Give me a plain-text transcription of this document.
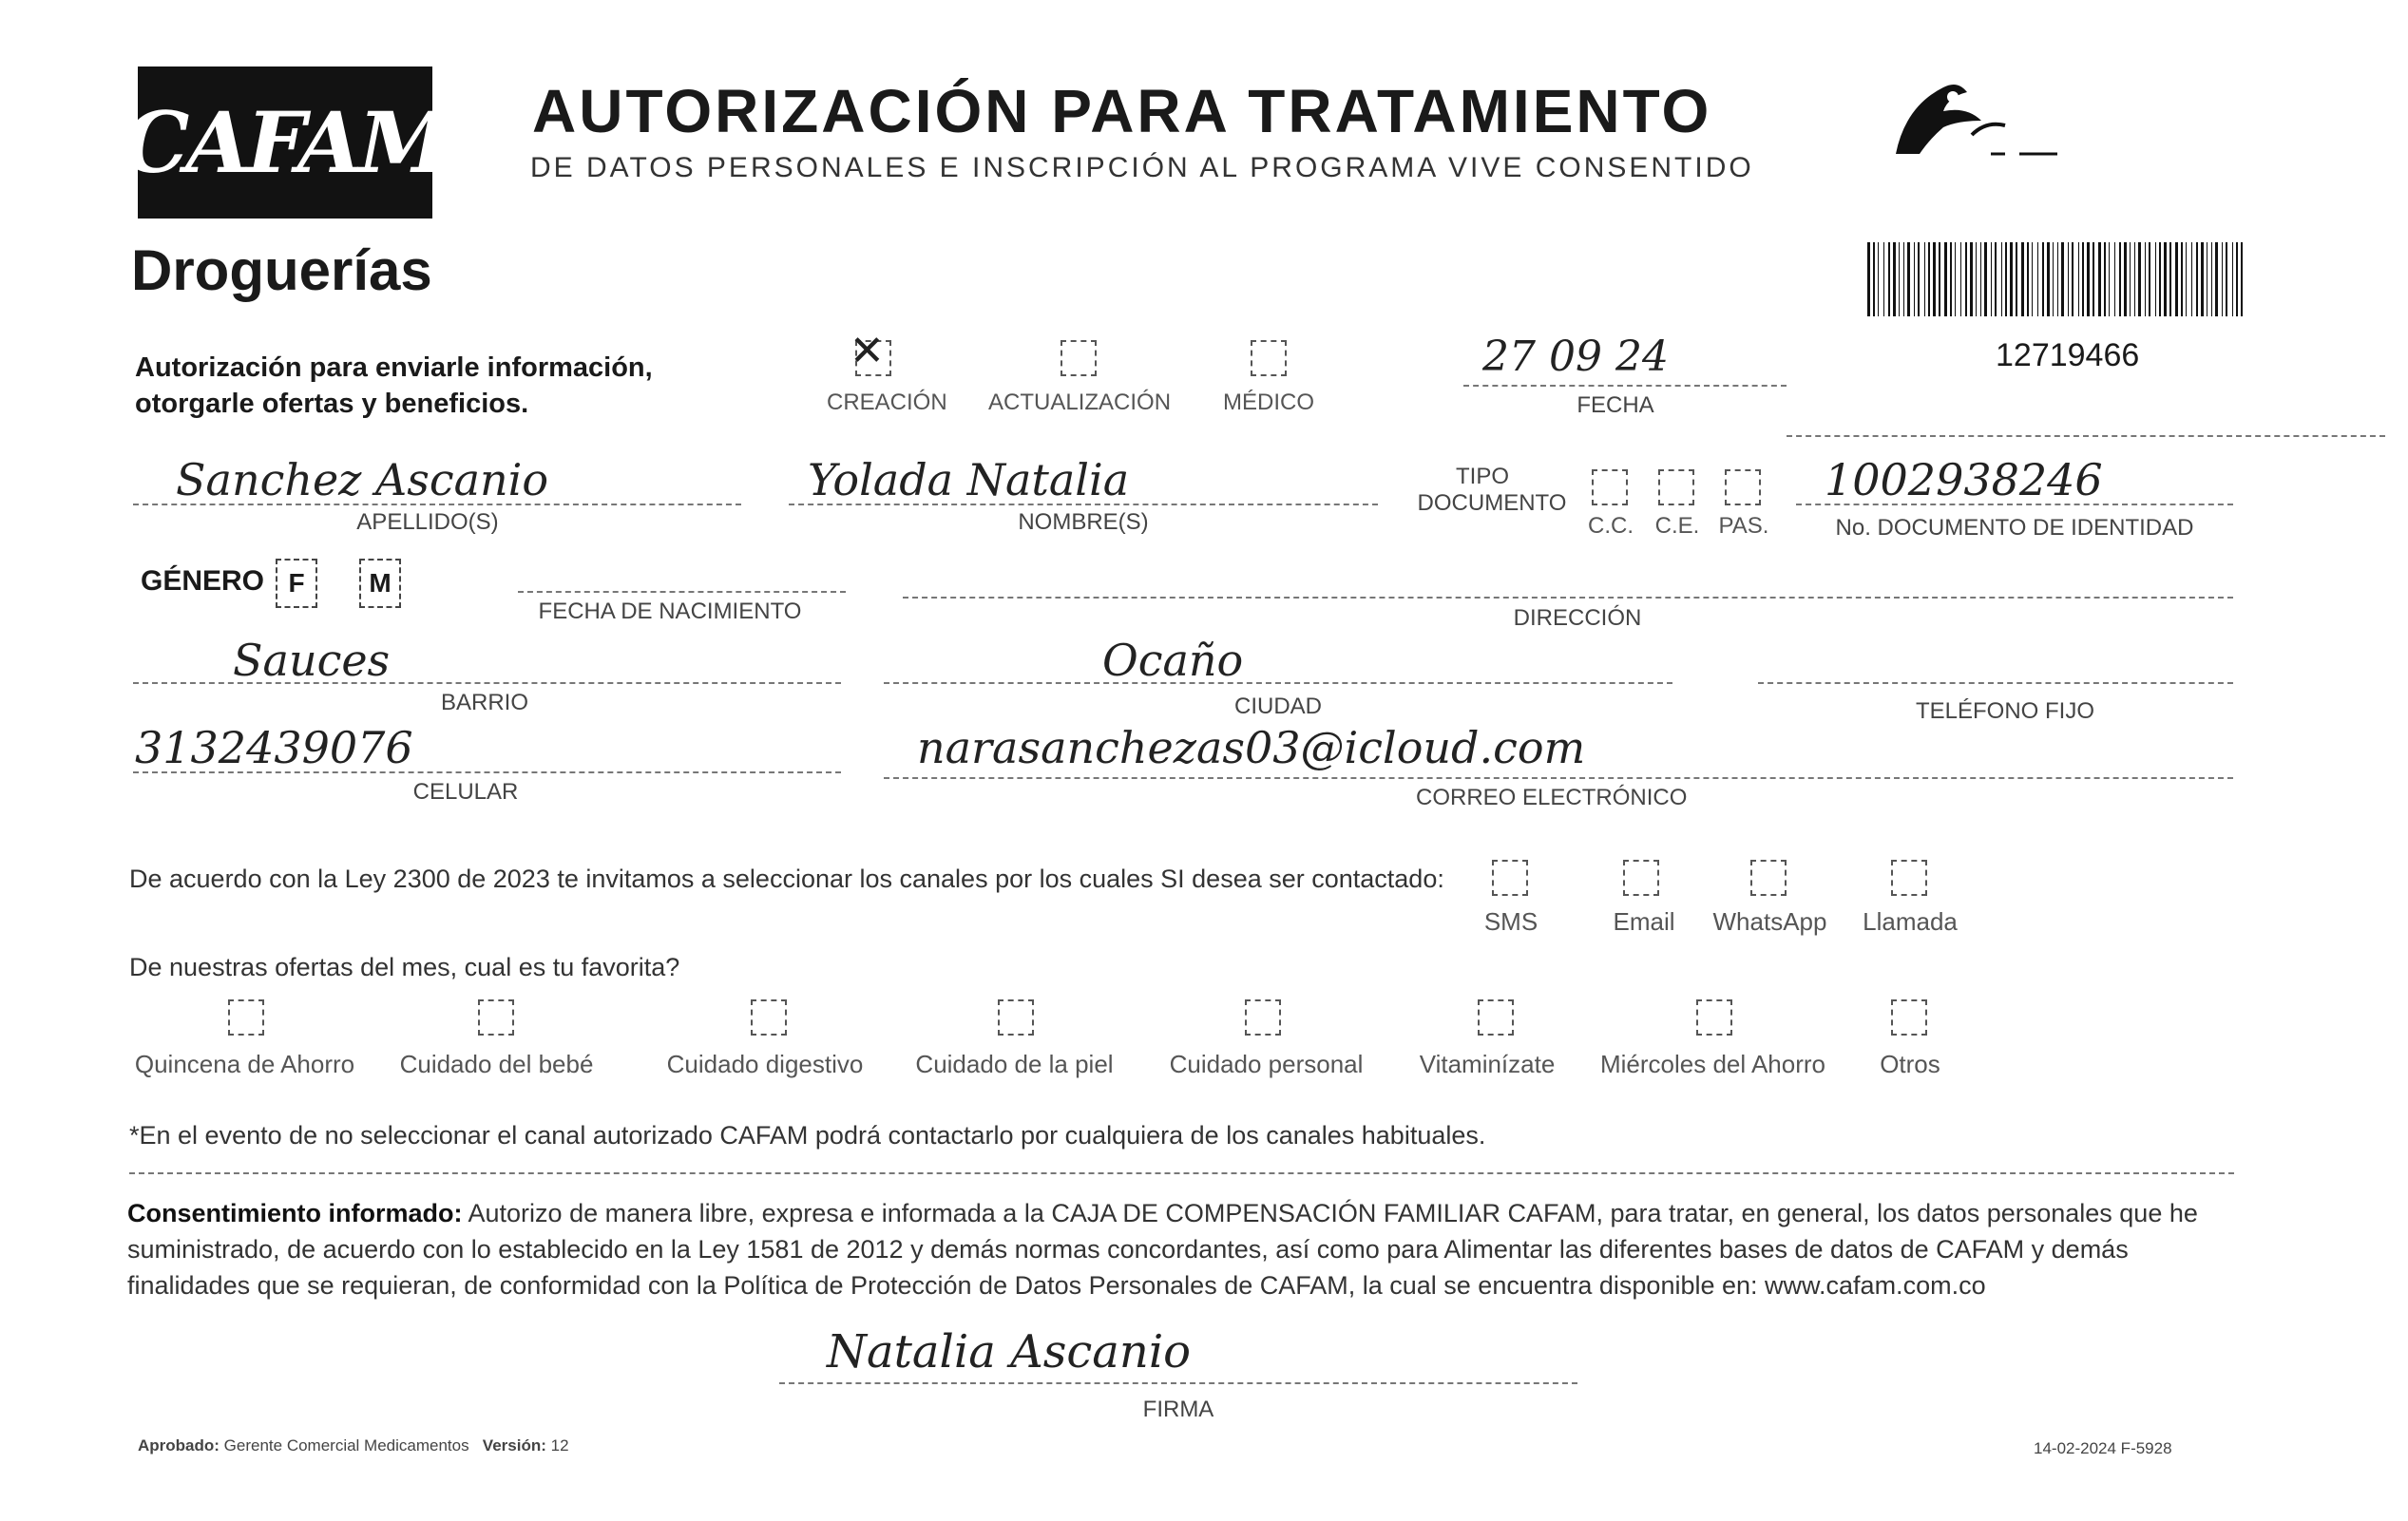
CAFAM AUTORIZACIÓN PARA TRATAMIENTO
DE DATOS PERSONALES E INSCRIPCIÓN AL PROGRAMA VIVE CONSENTIDO
Droguerías
12719466
Autorización para enviarle información,
otorgarle ofertas y beneficios.
✕
CREACIÓN ACTUALIZACIÓN	MÉDICO
27 09 24
FECHA
Sanchez Ascanio
APELLIDO(S)
Yolada Natalia
NOMBRE(S)
TIPO
DOCUMENTO
C.C. C.E. PAS.
1002938246
No. DOCUMENTO DE IDENTIDAD
GÉNERO F M
FECHA DE NACIMIENTO	DIRECCIÓN
Sauces
BARRIO
Ocaño
CIUDAD	TELÉFONO FIJO
3132439076
CELULAR
narasanchezas03@icloud.com
CORREO ELECTRÓNICO
De acuerdo con la Ley 2300 de 2023 te invitamos a seleccionar los canales por los cuales SI desea ser contactado:
SMS	Email	WhatsApp Llamada
De nuestras ofertas del mes, cual es tu favorita?
Quincena de Ahorro	Cuidado del bebé	Cuidado digestivo	Cuidado de la piel	Cuidado personal	Vitaminízate	Miércoles del Ahorro	Otros
*En el evento de no seleccionar el canal autorizado CAFAM podrá contactarlo por cualquiera de los canales habituales.
Consentimiento informado: Autorizo de manera libre, expresa e informada a la CAJA DE COMPENSACIÓN FAMILIAR CAFAM, para tratar, en general, los datos personales que he
suministrado, de acuerdo con lo establecido en la Ley 1581 de 2012 y demás normas concordantes, así como para Alimentar las diferentes bases de datos de CAFAM y demás
finalidades que se requieran, de conformidad con la Política de Protección de Datos Personales de CAFAM, la cual se encuentra disponible en: www.cafam.com.co
Natalia Ascanio
FIRMA
Aprobado: Gerente Comercial Medicamentos Versión: 12	14-02-2024 F-5928
